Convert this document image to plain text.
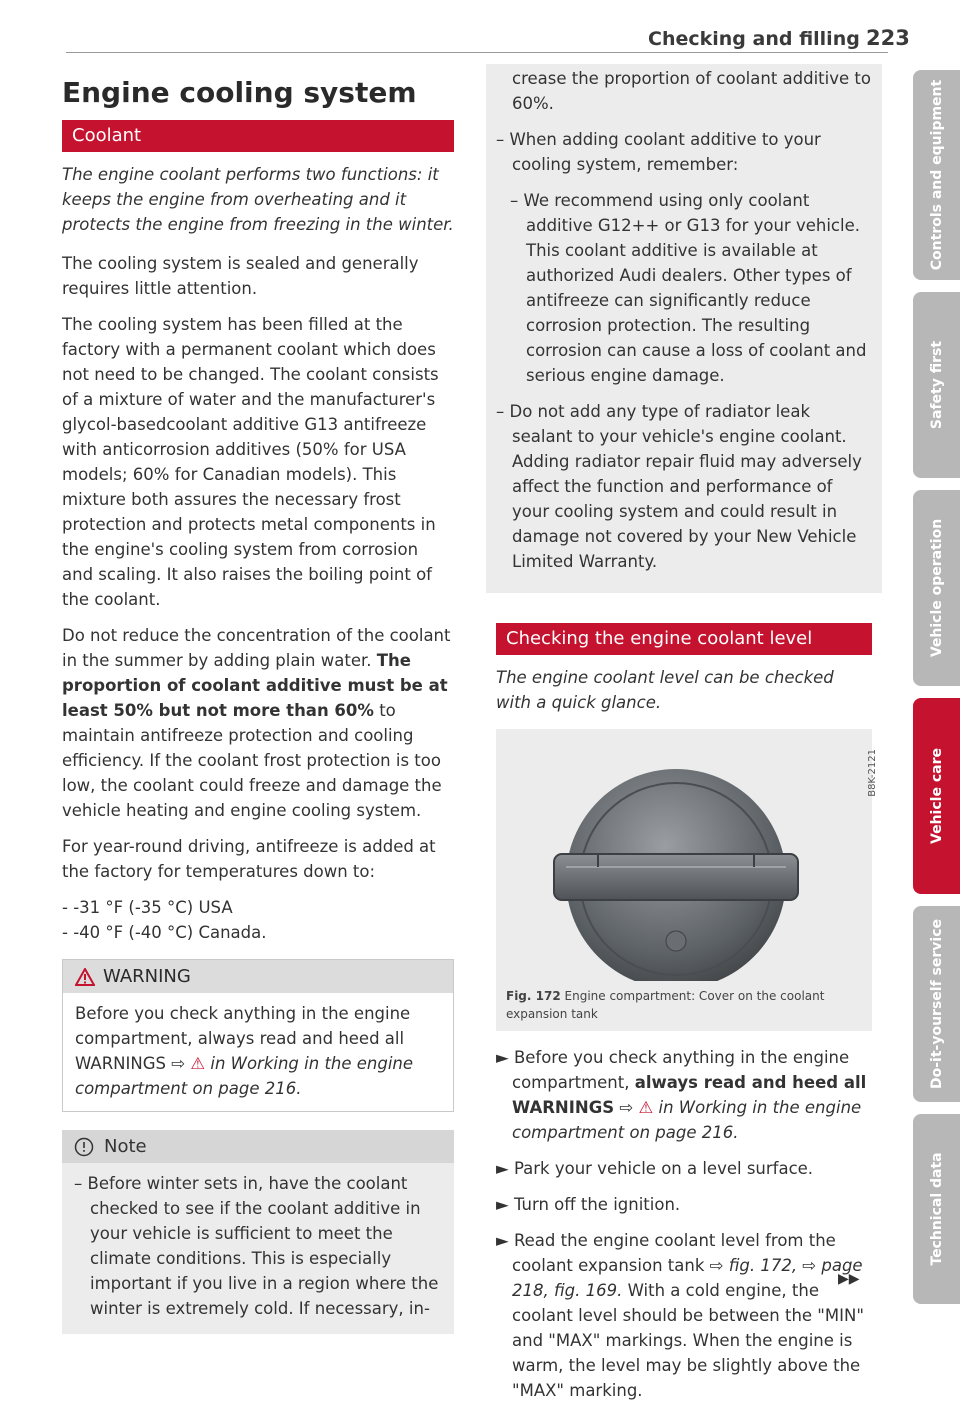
Checking and filling 223
Engine cooling system
Coolant

The engine coolant performs two functions: it keeps the engine from overheating and it protects the engine from freezing in the winter.

The cooling system is sealed and generally requires little attention.

The cooling system has been filled at the factory with a permanent coolant which does not need to be changed. The coolant consists of a mixture of water and the manufacturer's glycol-basedcoolant additive G13 antifreeze with anticorrosion additives (50% for USA models; 60% for Canadian models). This mixture both assures the necessary frost protection and protects metal components in the engine's cooling system from corrosion and scaling. It also raises the boiling point of the coolant.

Do not reduce the concentration of the coolant in the summer by adding plain water. The proportion of coolant additive must be at least 50% but not more than 60% to maintain antifreeze protection and cooling efficiency. If the coolant frost protection is too low, the coolant could freeze and damage the vehicle heating and engine cooling system.

For year-round driving, antifreeze is added at the factory for temperatures down to:

- -31 °F (-35 °C) USA
- -40 °F (-40 °C) Canada.
WARNING
Before you check anything in the engine compartment, always read and heed all WARNINGS ⇨ ⚠ in Working in the engine compartment on page 216.
Note

– Before winter sets in, have the coolant checked to see if the coolant additive in your vehicle is sufficient to meet the climate conditions. This is especially important if you live in a region where the winter is extremely cold. If necessary, in-

crease the proportion of coolant additive to 60%.

– When adding coolant additive to your cooling system, remember:

– We recommend using only coolant additive G12++ or G13 for your vehicle. This coolant additive is available at authorized Audi dealers. Other types of antifreeze can significantly reduce corrosion protection. The resulting corrosion can cause a loss of coolant and serious engine damage.

– Do not add any type of radiator leak sealant to your vehicle's engine coolant. Adding radiator repair fluid may adversely affect the function and performance of your cooling system and could result in damage not covered by your New Vehicle Limited Warranty.

Checking the engine coolant level

The engine coolant level can be checked with a quick glance.

B8K-2121
Fig. 172 Engine compartment: Cover on the coolant expansion tank

► Before you check anything in the engine compartment, always read and heed all WARNINGS ⇨ ⚠ in Working in the engine compartment on page 216.

► Park your vehicle on a level surface.

► Turn off the ignition.

► Read the engine coolant level from the coolant expansion tank ⇨ fig. 172, ⇨ page 218, fig. 169. With a cold engine, the coolant level should be between the "MIN" and "MAX" markings. When the engine is warm, the level may be slightly above the "MAX" marking.

▶▶
Controls and equipment
Safety first
Vehicle operation
Vehicle care
Do-it-yourself service
Technical data
